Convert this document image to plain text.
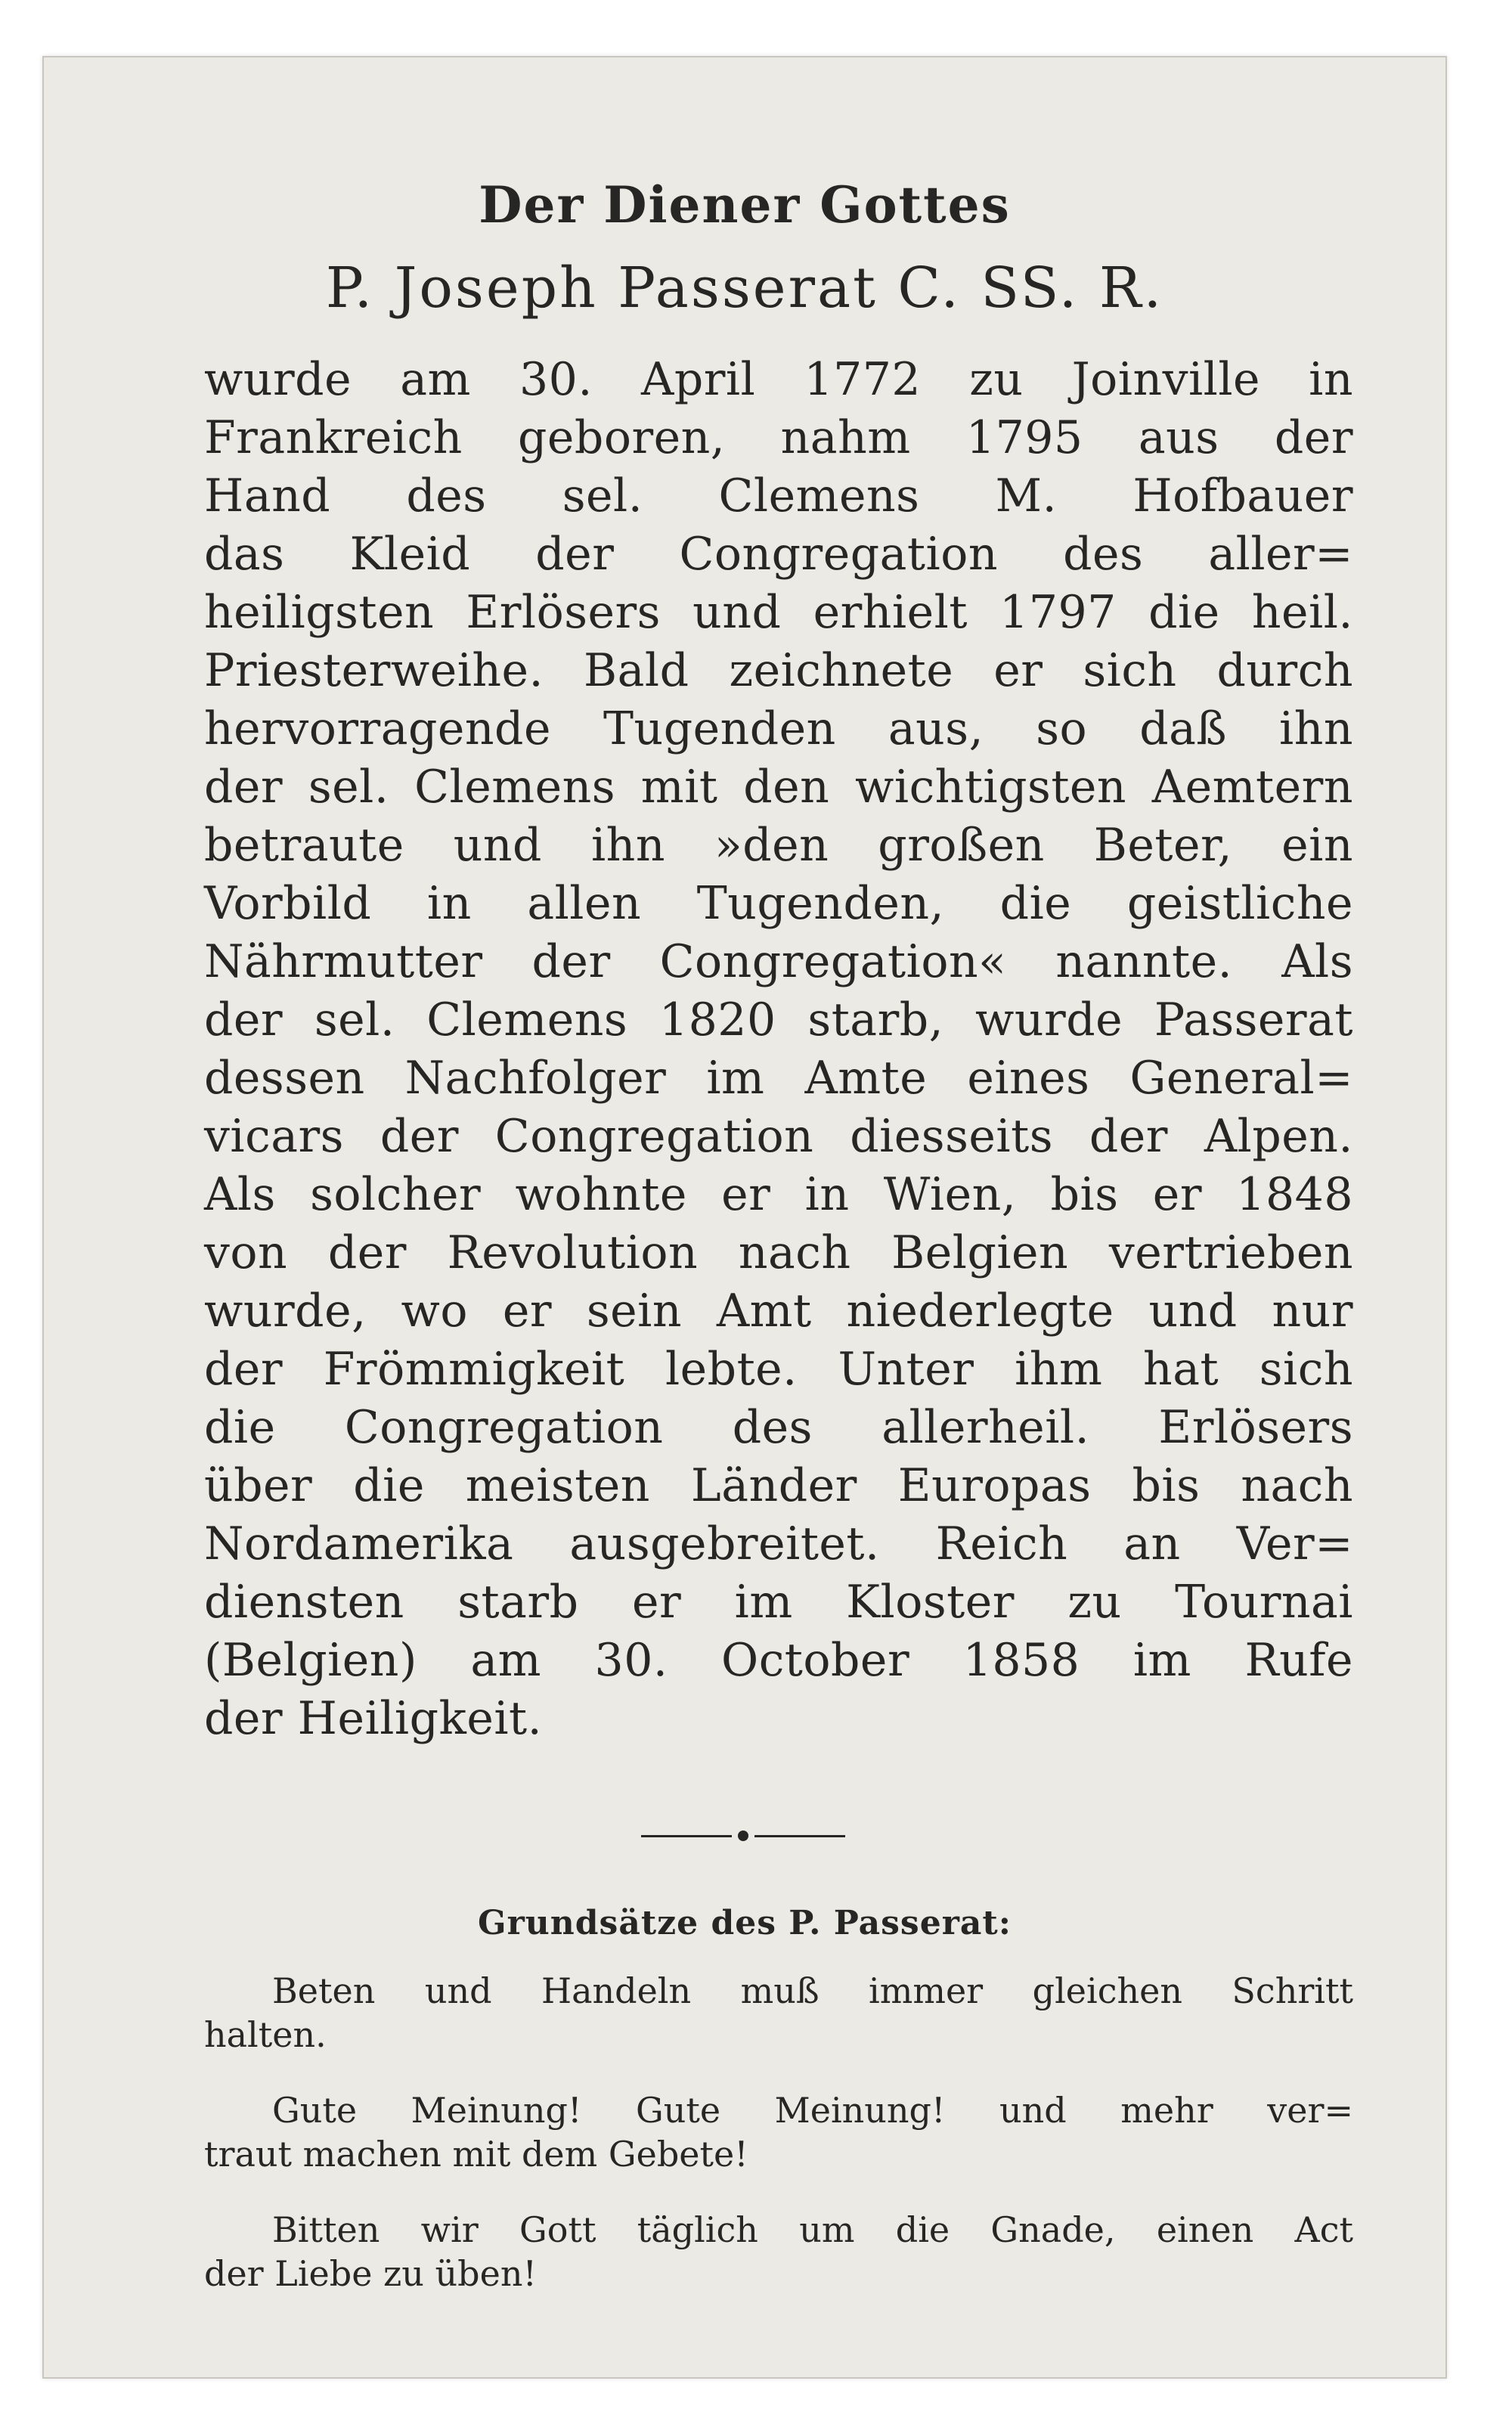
Der Diener Gottes
P. Joseph Passerat C. SS. R.
wurde am 30. April 1772 zu Joinville in
Frankreich geboren, nahm 1795 aus der
Hand des sel. Clemens M. Hofbauer
das Kleid der Congregation des aller=
heiligsten Erlösers und erhielt 1797 die heil.
Priesterweihe. Bald zeichnete er sich durch
hervorragende Tugenden aus, so daß ihn
der sel. Clemens mit den wichtigsten Aemtern
betraute und ihn »den großen Beter, ein
Vorbild in allen Tugenden, die geistliche
Nährmutter der Congregation« nannte. Als
der sel. Clemens 1820 starb, wurde Passerat
dessen Nachfolger im Amte eines General=
vicars der Congregation diesseits der Alpen.
Als solcher wohnte er in Wien, bis er 1848
von der Revolution nach Belgien vertrieben
wurde, wo er sein Amt niederlegte und nur
der Frömmigkeit lebte. Unter ihm hat sich
die Congregation des allerheil. Erlösers
über die meisten Länder Europas bis nach
Nordamerika ausgebreitet. Reich an Ver=
diensten starb er im Kloster zu Tournai
(Belgien) am 30. October 1858 im Rufe
der Heiligkeit.
Grundsätze des P. Passerat:

Beten und Handeln muß immer gleichen Schritt
halten.

Gute Meinung! Gute Meinung! und mehr ver=
traut machen mit dem Gebete!

Bitten wir Gott täglich um die Gnade, einen Act
der Liebe zu üben!
